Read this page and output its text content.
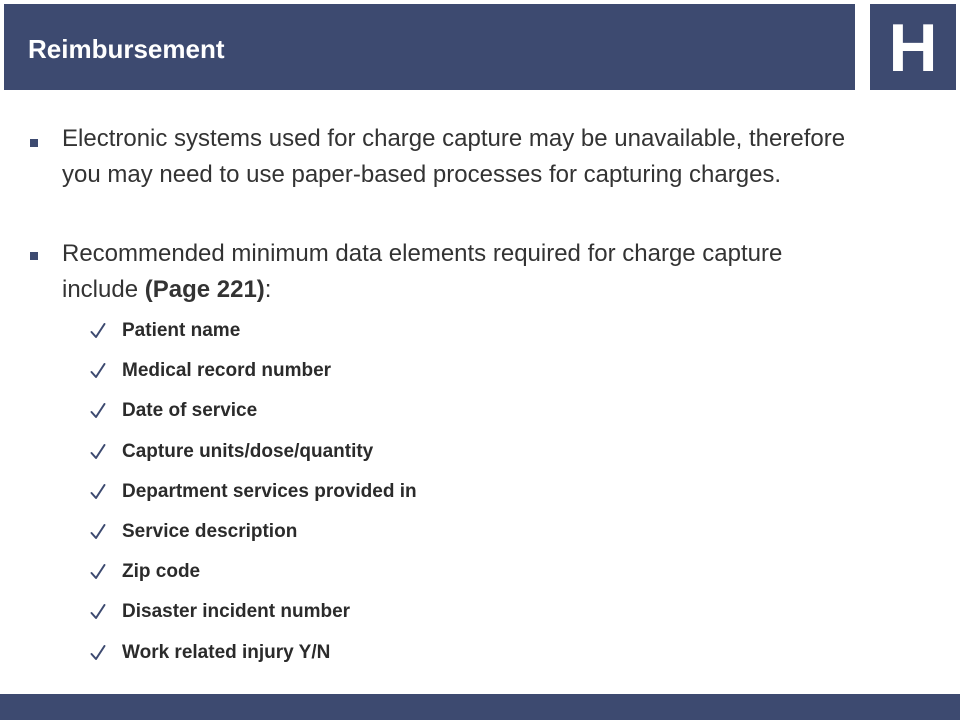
Reimbursement	H
Electronic systems used for charge capture may be unavailable, therefore you may need to use paper-based processes for capturing charges.
Recommended minimum data elements required for charge capture include (Page 221):
Patient name
Medical record number
Date of service
Capture units/dose/quantity
Department services provided in
Service description
Zip code
Disaster incident number
Work related injury Y/N
